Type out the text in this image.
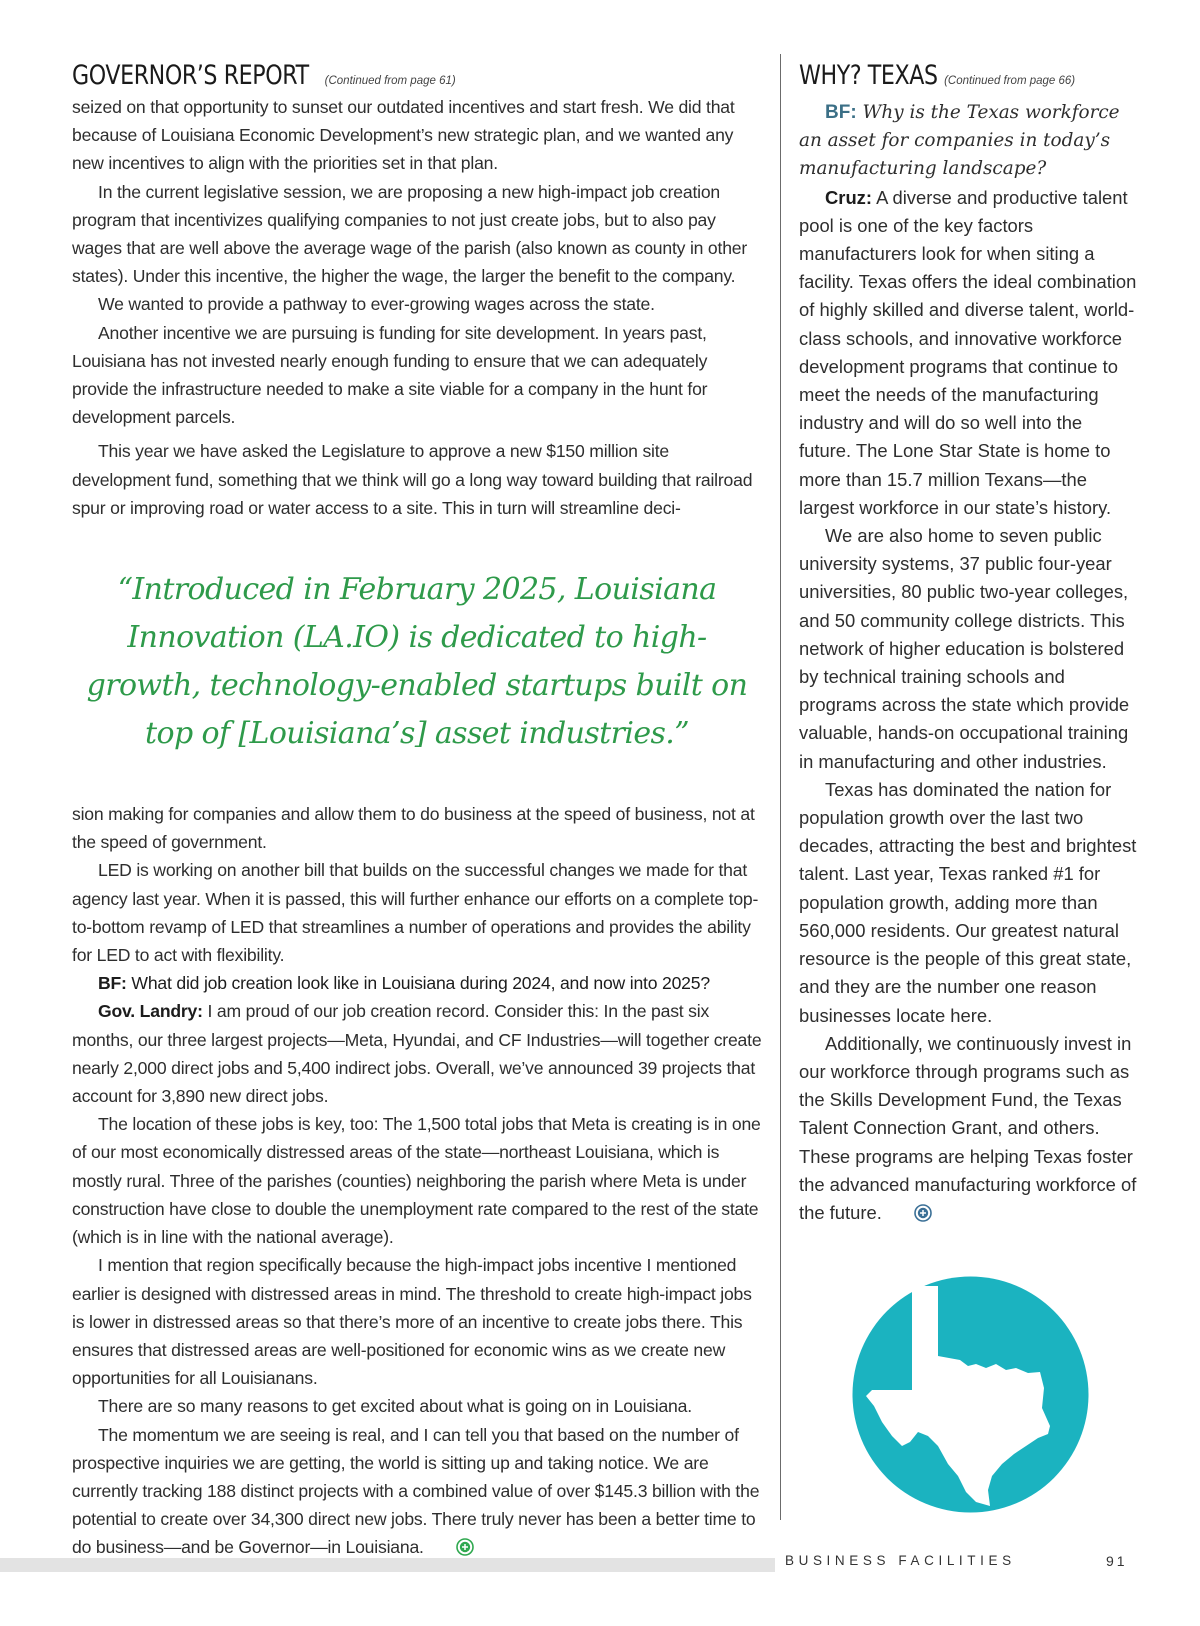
GOVERNOR’S REPORT (Continued from page 61)

seized on that opportunity to sunset our outdated incentives and start fresh. We did that because of Louisiana Economic Development’s new strategic plan, and we wanted any new incentives to align with the priorities set in that plan.

In the current legislative session, we are proposing a new high-impact job creation program that incentivizes qualifying companies to not just create jobs, but to also pay wages that are well above the average wage of the parish (also known as county in other states). Under this incentive, the higher the wage, the larger the benefit to the company.

We wanted to provide a pathway to ever-growing wages across the state.

Another incentive we are pursuing is funding for site development. In years past, Louisiana has not invested nearly enough funding to ensure that we can adequately provide the infrastructure needed to make a site viable for a company in the hunt for development parcels.

This year we have asked the Legislature to approve a new $150 million site development fund, something that we think will go a long way toward building that railroad spur or improving road or water access to a site. This in turn will streamline deci-

“Introduced in February 2025, Louisiana Innovation (LA.IO) is dedicated to high-growth, technology-enabled startups built on top of [Louisiana’s] asset industries.”

sion making for companies and allow them to do business at the speed of business, not at the speed of government.

LED is working on another bill that builds on the successful changes we made for that agency last year. When it is passed, this will further enhance our efforts on a complete top-to-bottom revamp of LED that streamlines a number of operations and provides the ability for LED to act with flexibility.

BF: What did job creation look like in Louisiana during 2024, and now into 2025?

Gov. Landry: I am proud of our job creation record. Consider this: In the past six months, our three largest projects—Meta, Hyundai, and CF Industries—will together create nearly 2,000 direct jobs and 5,400 indirect jobs. Overall, we’ve announced 39 projects that account for 3,890 new direct jobs.

The location of these jobs is key, too: The 1,500 total jobs that Meta is creating is in one of our most economically distressed areas of the state—northeast Louisiana, which is mostly rural. Three of the parishes (counties) neighboring the parish where Meta is under construction have close to double the unemployment rate compared to the rest of the state (which is in line with the national average).

I mention that region specifically because the high-impact jobs incentive I mentioned earlier is designed with distressed areas in mind. The threshold to create high-impact jobs is lower in distressed areas so that there’s more of an incentive to create jobs there. This ensures that distressed areas are well-positioned for economic wins as we create new opportunities for all Louisianans.

There are so many reasons to get excited about what is going on in Louisiana.

The momentum we are seeing is real, and I can tell you that based on the number of prospective inquiries we are getting, the world is sitting up and taking notice. We are currently tracking 188 distinct projects with a combined value of over $145.3 billion with the potential to create over 34,300 direct new jobs. There truly never has been a better time to do business—and be Governor—in Louisiana.

WHY? TEXAS (Continued from page 66)

BF: Why is the Texas workforce an asset for companies in today’s manufacturing landscape?

Cruz: A diverse and productive talent pool is one of the key factors manufacturers look for when siting a facility. Texas offers the ideal combination of highly skilled and diverse talent, world-class schools, and innovative workforce development programs that continue to meet the needs of the manufacturing industry and will do so well into the future. The Lone Star State is home to more than 15.7 million Texans—the largest workforce in our state’s history.

We are also home to seven public university systems, 37 public four-year universities, 80 public two-year colleges, and 50 community college districts. This network of higher education is bolstered by technical training schools and programs across the state which provide valuable, hands-on occupational training in manufacturing and other industries.

Texas has dominated the nation for population growth over the last two decades, attracting the best and brightest talent. Last year, Texas ranked #1 for population growth, adding more than 560,000 residents. Our greatest natural resource is the people of this great state, and they are the number one reason businesses locate here.

Additionally, we continuously invest in our workforce through programs such as the Skills Development Fund, the Texas Talent Connection Grant, and others. These programs are helping Texas foster the advanced manufacturing workforce of the future.

BUSINESS FACILITIES	91
